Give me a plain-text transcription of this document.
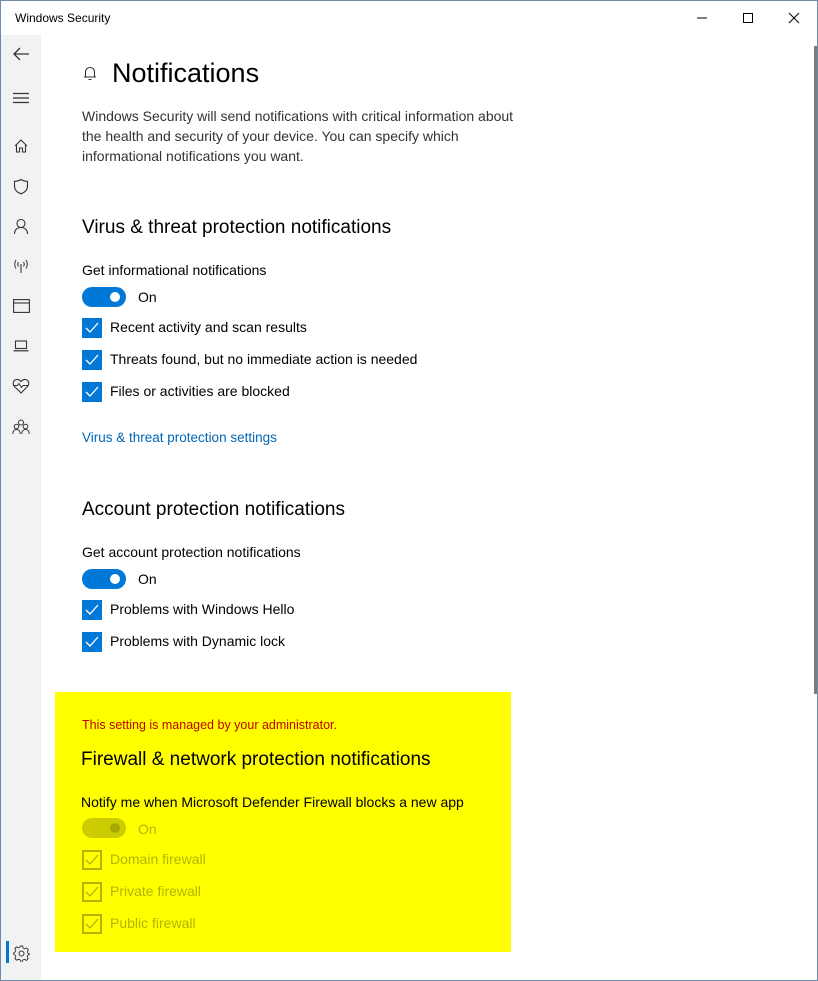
Windows Security
Notifications
Windows Security will send notifications with critical information about
the health and security of your device. You can specify which
informational notifications you want.
Virus & threat protection notifications
Get informational notifications
On
Recent activity and scan results
Threats found, but no immediate action is needed
Files or activities are blocked
Virus & threat protection settings
Account protection notifications
Get account protection notifications
On
Problems with Windows Hello
Problems with Dynamic lock
This setting is managed by your administrator.
Firewall & network protection notifications
Notify me when Microsoft Defender Firewall blocks a new app
On
Domain firewall
Private firewall
Public firewall
